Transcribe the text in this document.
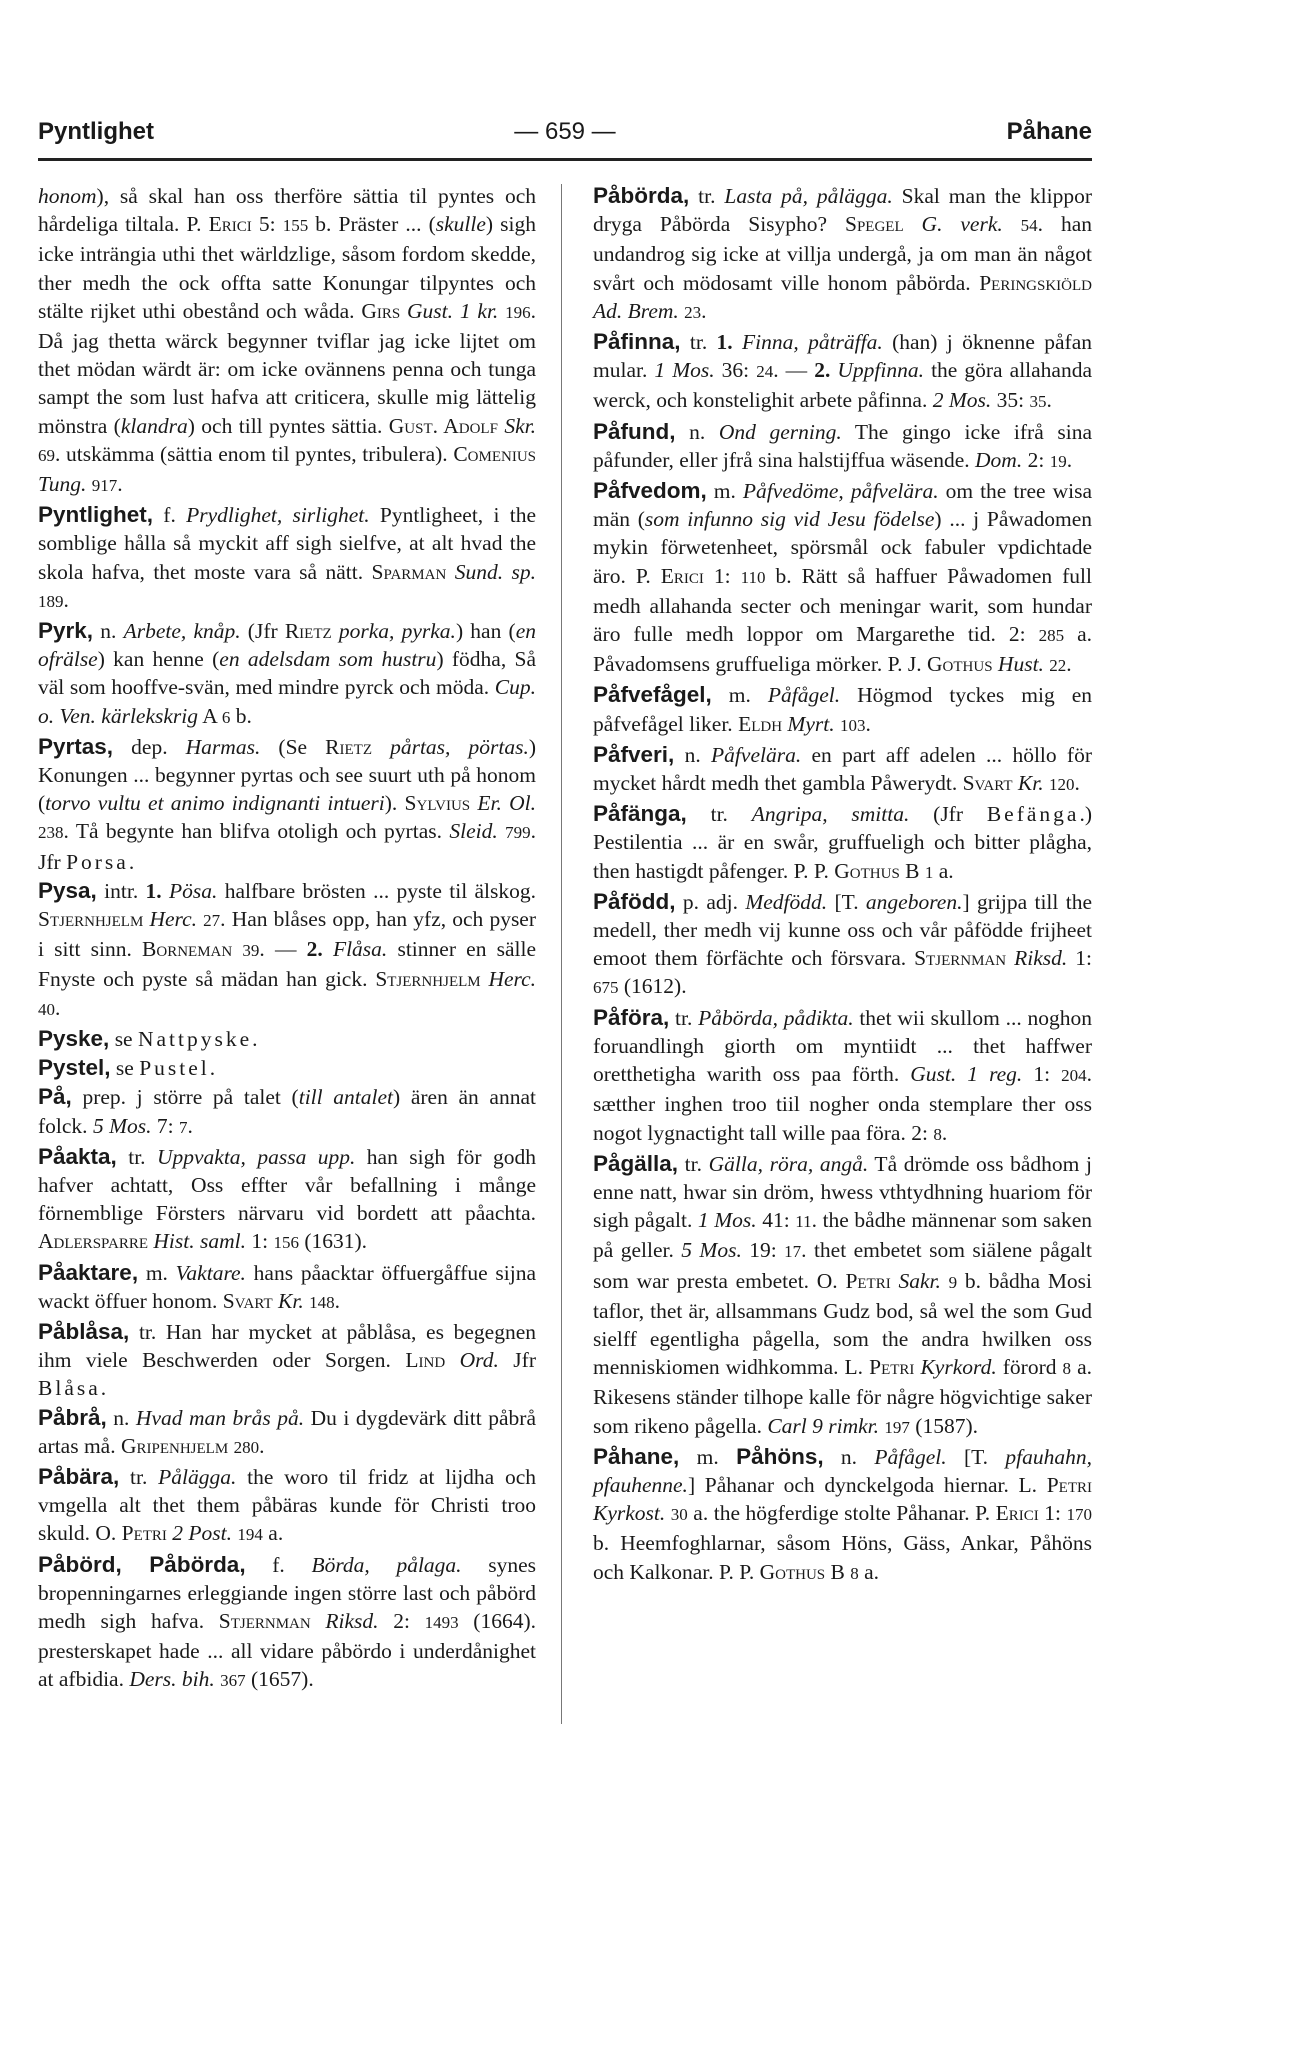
Pyntlighet	— 659 —	Påhane

honom), så skal han oss therföre sättia til pyntes och hårdeliga tiltala. P. Erici 5: 155 b. Präster ... (skulle) sigh icke inträngia uthi thet wärldzlige, såsom fordom skedde, ther medh the ock offta satte Konungar tilpyntes och stälte rijket uthi obestånd och wåda. Girs Gust. 1 kr. 196. Då jag thetta wärck begynner tviflar jag icke lijtet om thet mödan wärdt är: om icke ovännens penna och tunga sampt the som lust hafva att criticera, skulle mig lättelig mönstra (klandra) och till pyntes sättia. Gust. Adolf Skr. 69. utskämma (sättia enom til pyntes, tribulera). Comenius Tung. 917.

Pyntlighet, f. Prydlighet, sirlighet. Pyntligheet, i the somblige hålla så myckit aff sigh sielfve, at alt hvad the skola hafva, thet moste vara så nätt. Sparman Sund. sp. 189.

Pyrk, n. Arbete, knåp. (Jfr Rietz porka, pyrka.) han (en ofrälse) kan henne (en adelsdam som hustru) födha, Så väl som hooffve-svän, med mindre pyrck och möda. Cup. o. Ven. kärlekskrig A 6 b.

Pyrtas, dep. Harmas. (Se Rietz pårtas, pörtas.) Konungen ... begynner pyrtas och see suurt uth på honom (torvo vultu et animo indignanti intueri). Sylvius Er. Ol. 238. Tå begynte han blifva otoligh och pyrtas. Sleid. 799. Jfr Porsa.

Pysa, intr. 1. Pösa. halfbare brösten ... pyste til älskog. Stjernhjelm Herc. 27. Han blåses opp, han yfz, och pyser i sitt sinn. Borneman 39. — 2. Flåsa. stinner en sälle Fnyste och pyste så mädan han gick. Stjernhjelm Herc. 40.

Pyske, se Nattpyske.

Pystel, se Pustel.

På, prep. j större på talet (till antalet) ären än annat folck. 5 Mos. 7: 7.

Påakta, tr. Uppvakta, passa upp. han sigh för godh hafver achtatt, Oss effter vår befallning i månge förnemblige Försters närvaru vid bordett att påachta. Adlersparre Hist. saml. 1: 156 (1631).

Påaktare, m. Vaktare. hans påacktar öffuergåffue sijna wackt öffuer honom. Svart Kr. 148.

Påblåsa, tr. Han har mycket at påblåsa, es begegnen ihm viele Beschwerden oder Sorgen. Lind Ord. Jfr Blåsa.

Påbrå, n. Hvad man brås på. Du i dygdevärk ditt påbrå artas må. Gripenhjelm 280.

Påbära, tr. Pålägga. the woro til fridz at lijdha och vmgella alt thet them påbäras kunde för Christi troo skuld. O. Petri 2 Post. 194 a.

Påbörd, Påbörda, f. Börda, pålaga. synes bropenningarnes erleggiande ingen större last och påbörd medh sigh hafva. Stjernman Riksd. 2: 1493 (1664). presterskapet hade ... all vidare påbördo i underdånighet at afbidia. Ders. bih. 367 (1657).

Påbörda, tr. Lasta på, pålägga. Skal man the klippor dryga Påbörda Sisypho? Spegel G. verk. 54. han undandrog sig icke at villja undergå, ja om man än något svårt och mödosamt ville honom påbörda. Peringskiöld Ad. Brem. 23.

Påfinna, tr. 1. Finna, påträffa. (han) j öknenne påfan mular. 1 Mos. 36: 24. — 2. Uppfinna. the göra allahanda werck, och konstelighit arbete påfinna. 2 Mos. 35: 35.

Påfund, n. Ond gerning. The gingo icke ifrå sina påfunder, eller jfrå sina halstijffua wäsende. Dom. 2: 19.

Påfvedom, m. Påfvedöme, påfvelära. om the tree wisa män (som infunno sig vid Jesu födelse) ... j Påwadomen mykin förwetenheet, spörsmål ock fabuler vpdichtade äro. P. Erici 1: 110 b. Rätt så haffuer Påwadomen full medh allahanda secter och meningar warit, som hundar äro fulle medh loppor om Margarethe tid. 2: 285 a. Påvadomsens gruffueliga mörker. P. J. Gothus Hust. 22.

Påfvefågel, m. Påfågel. Högmod tyckes mig en påfvefågel liker. Eldh Myrt. 103.

Påfveri, n. Påfvelära. en part aff adelen ... höllo för mycket hårdt medh thet gambla Påwerydt. Svart Kr. 120.

Påfänga, tr. Angripa, smitta. (Jfr Befänga.) Pestilentia ... är en swår, gruffueligh och bitter plågha, then hastigdt påfenger. P. P. Gothus B 1 a.

Påfödd, p. adj. Medfödd. [T. angeboren.] grijpa till the medell, ther medh vij kunne oss och vår påfödde frijheet emoot them förfächte och försvara. Stjernman Riksd. 1: 675 (1612).

Påföra, tr. Påbörda, pådikta. thet wii skullom ... noghon foruandlingh giorth om myntiidt ... thet haffwer oretthetigha warith oss paa förth. Gust. 1 reg. 1: 204. sætther inghen troo tiil nogher onda stemplare ther oss nogot lygnactight tall wille paa föra. 2: 8.

Pågälla, tr. Gälla, röra, angå. Tå drömde oss bådhom j enne natt, hwar sin dröm, hwess vthtydhning huariom för sigh pågalt. 1 Mos. 41: 11. the bådhe männenar som saken på geller. 5 Mos. 19: 17. thet embetet som siälene pågalt som war presta embetet. O. Petri Sakr. 9 b. bådha Mosi taflor, thet är, allsammans Gudz bod, så wel the som Gud sielff egentligha pågella, som the andra hwilken oss menniskiomen widhkomma. L. Petri Kyrkord. förord 8 a. Rikesens ständer tilhope kalle för någre högvichtige saker som rikeno pågella. Carl 9 rimkr. 197 (1587).

Påhane, m. Påhöns, n. Påfågel. [T. pfauhahn, pfauhenne.] Påhanar och dynckelgoda hiernar. L. Petri Kyrkost. 30 a. the högferdige stolte Påhanar. P. Erici 1: 170 b. Heemfoghlarnar, såsom Höns, Gäss, Ankar, Påhöns och Kalkonar. P. P. Gothus B 8 a.
